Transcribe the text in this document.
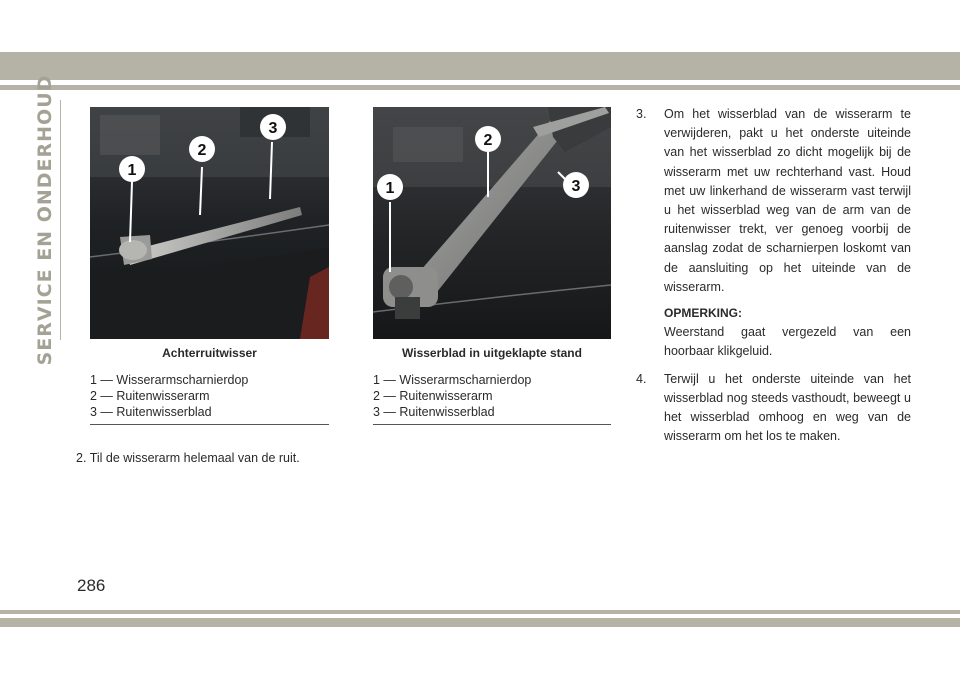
SERVICE EN ONDERHOUD	1
2
3
1
2
3
Achterruitwisser	Wisserblad in uitgeklapte stand
1 — Wisserarmscharnierdop
2 — Ruitenwisserarm
3 — Ruitenwisserblad
1 — Wisserarmscharnierdop
2 — Ruitenwisserarm
3 — Ruitenwisserblad
2. Til de wisserarm helemaal van de ruit.
3. Om het wisserblad van de wisserarm te verwijderen, pakt u het onderste uiteinde van het wisserblad zo dicht mogelijk bij de wisserarm met uw rechterhand vast. Houd met uw linkerhand de wisserarm vast terwijl u het wisserblad weg van de arm van de ruitenwisser trekt, ver genoeg voorbij de aanslag zodat de scharnierpen loskomt van de aansluiting op het uiteinde van de wisserarm.
OPMERKING:
Weerstand gaat vergezeld van een hoorbaar klikgeluid.
4. Terwijl u het onderste uiteinde van het wisserblad nog steeds vasthoudt, beweegt u het wisserblad omhoog en weg van de wisserarm om het los te maken.
286
